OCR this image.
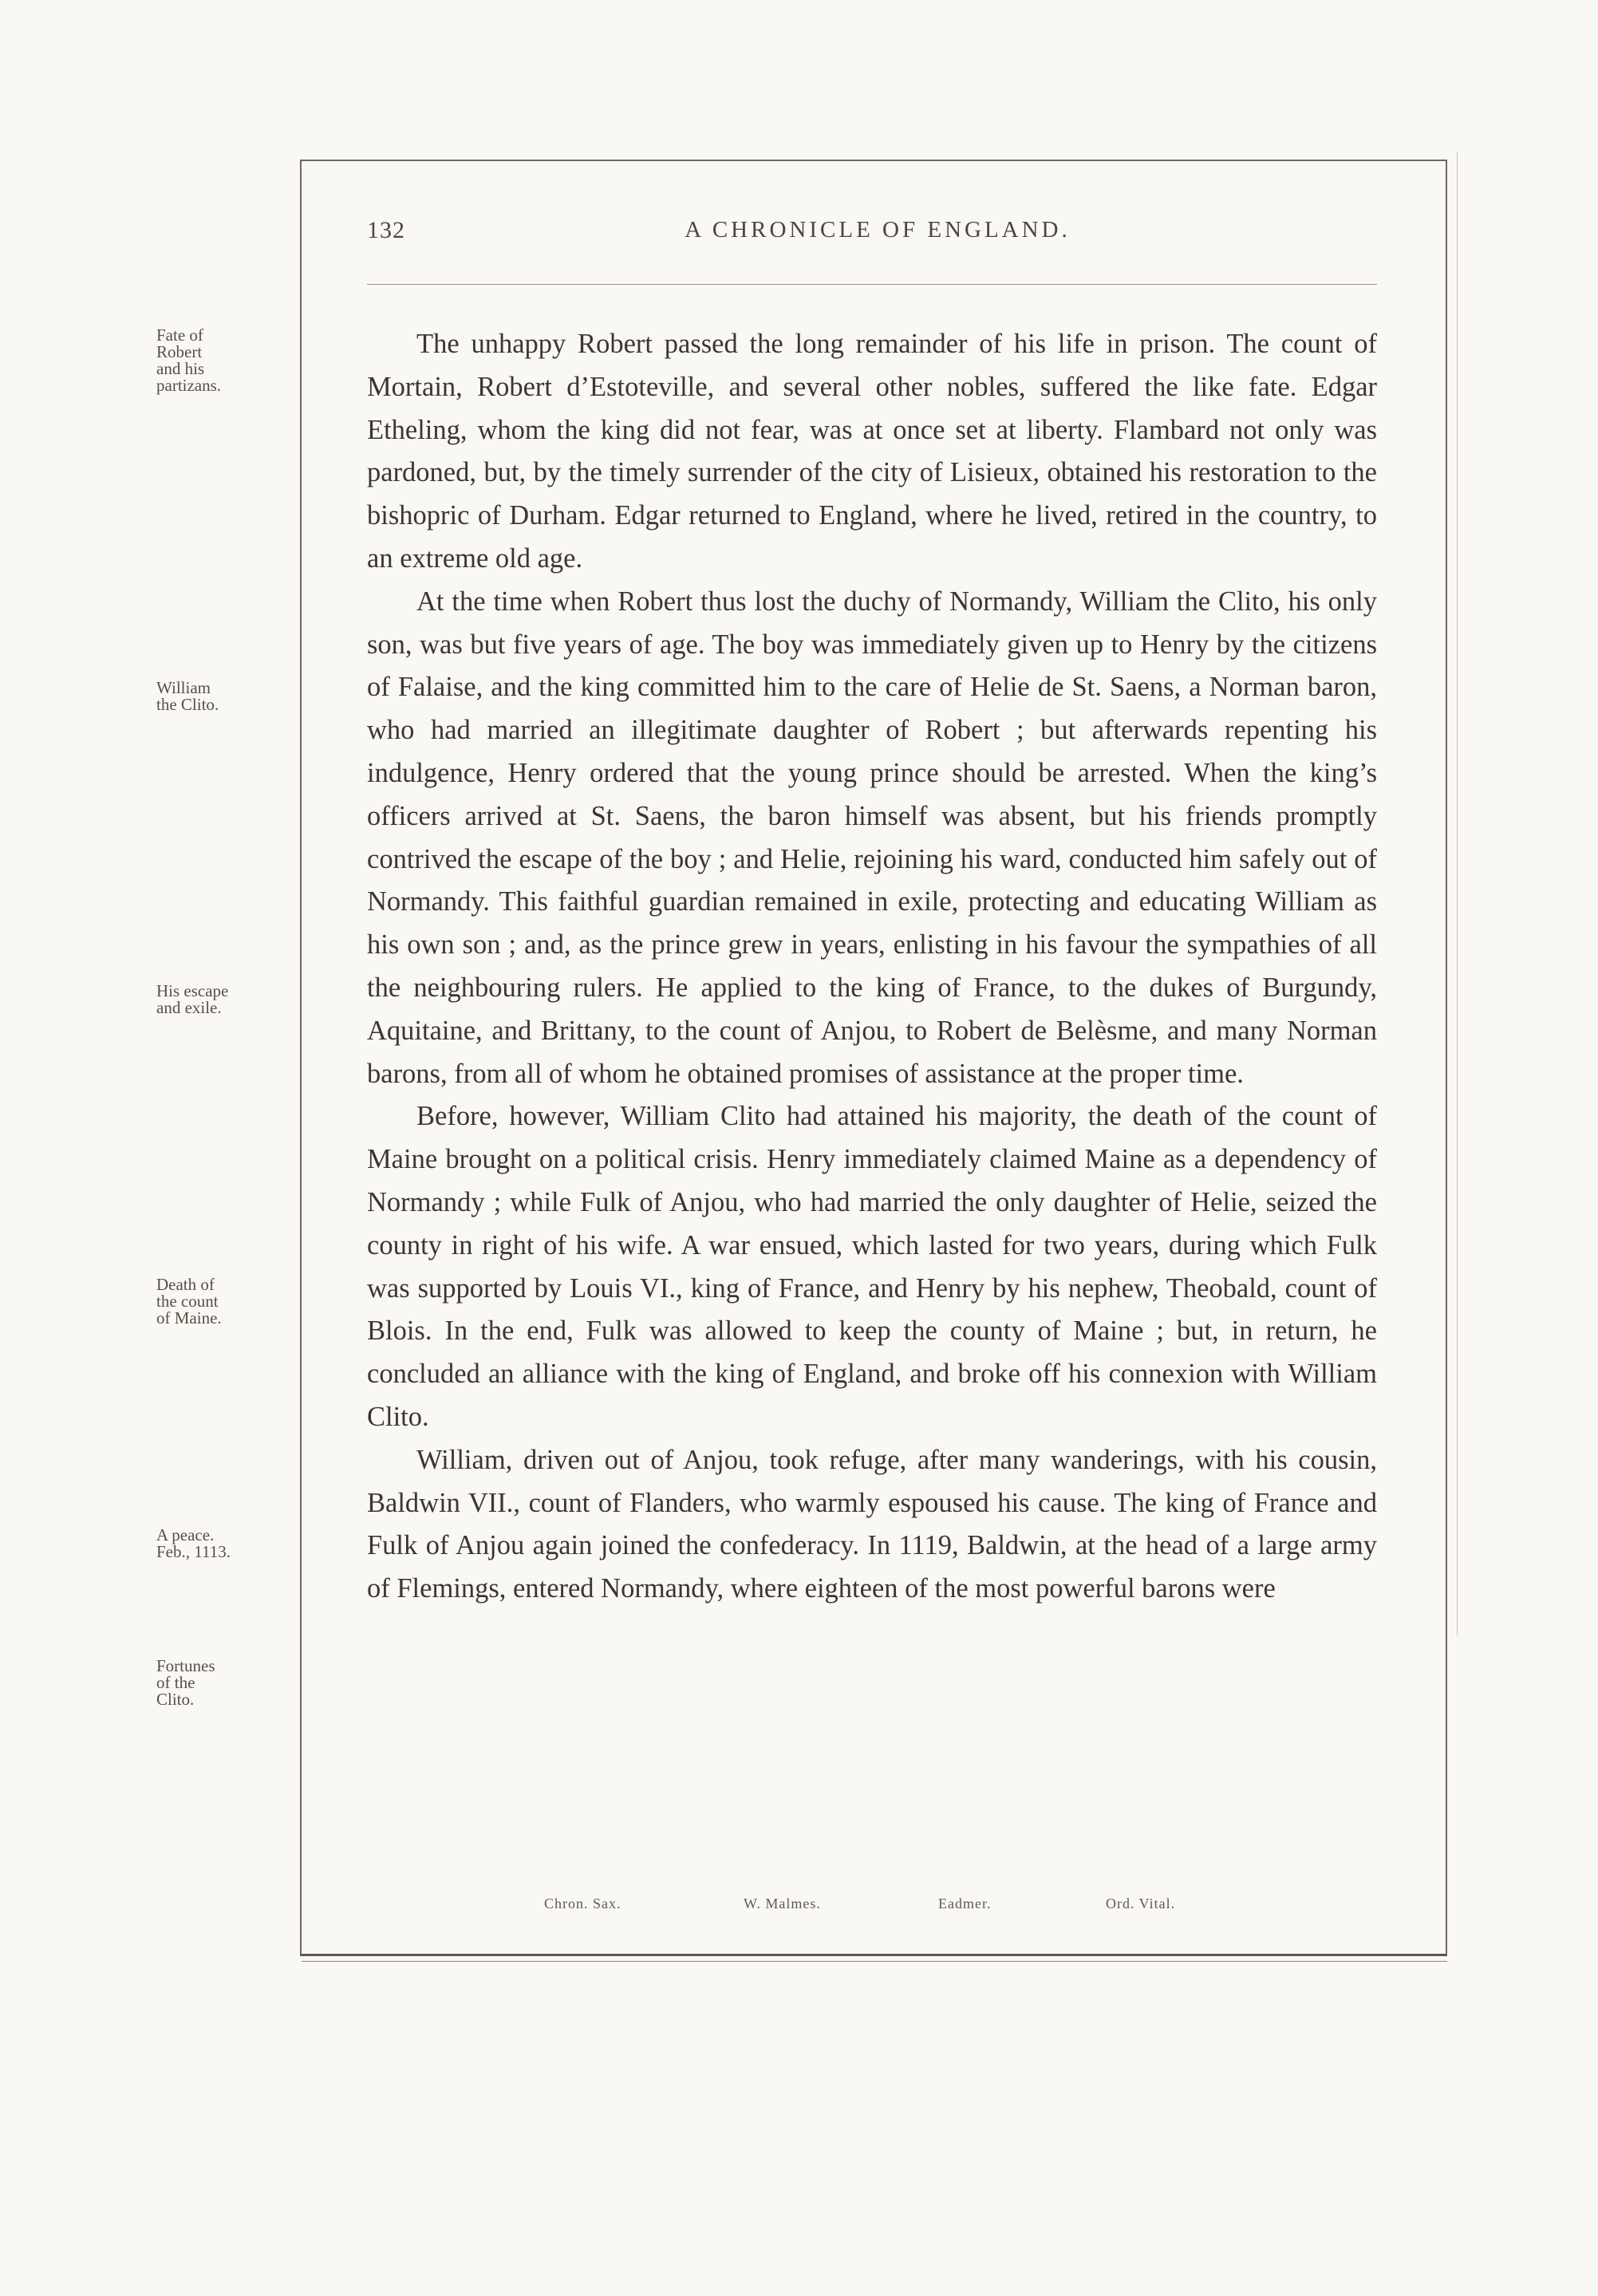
132	A CHRONICLE OF ENGLAND.
Fate of
Robert
and his
partizans.
William
the Clito.
His escape
and exile.
Death of
the count
of Maine.
A peace.
Feb., 1113.
Fortunes
of the
Clito.

The unhappy Robert passed the long remainder of his life in prison. The count of Mortain, Robert d’Estoteville, and several other nobles, suffered the like fate. Edgar Etheling, whom the king did not fear, was at once set at liberty. Flambard not only was pardoned, but, by the timely surrender of the city of Lisieux, obtained his restoration to the bishopric of Durham. Edgar returned to England, where he lived, retired in the country, to an extreme old age.

At the time when Robert thus lost the duchy of Normandy, William the Clito, his only son, was but five years of age. The boy was immediately given up to Henry by the citizens of Falaise, and the king committed him to the care of Helie de St. Saens, a Norman baron, who had married an illegitimate daughter of Robert ; but afterwards repenting his indulgence, Henry ordered that the young prince should be arrested. When the king’s officers arrived at St. Saens, the baron himself was absent, but his friends promptly contrived the escape of the boy ; and Helie, rejoining his ward, conducted him safely out of Normandy. This faithful guardian remained in exile, protecting and educating William as his own son ; and, as the prince grew in years, enlisting in his favour the sympathies of all the neighbouring rulers. He applied to the king of France, to the dukes of Burgundy, Aquitaine, and Brittany, to the count of Anjou, to Robert de Belèsme, and many Norman barons, from all of whom he obtained promises of assistance at the proper time.

Before, however, William Clito had attained his majority, the death of the count of Maine brought on a political crisis. Henry immediately claimed Maine as a dependency of Normandy ; while Fulk of Anjou, who had married the only daughter of Helie, seized the county in right of his wife. A war ensued, which lasted for two years, during which Fulk was supported by Louis VI., king of France, and Henry by his nephew, Theobald, count of Blois. In the end, Fulk was allowed to keep the county of Maine ; but, in return, he concluded an alliance with the king of England, and broke off his connexion with William Clito.

William, driven out of Anjou, took refuge, after many wanderings, with his cousin, Baldwin VII., count of Flanders, who warmly espoused his cause. The king of France and Fulk of Anjou again joined the confederacy. In 1119, Baldwin, at the head of a large army of Flemings, entered Normandy, where eighteen of the most powerful barons were

Chron. Sax.	W. Malmes.	Eadmer.	Ord. Vital.
